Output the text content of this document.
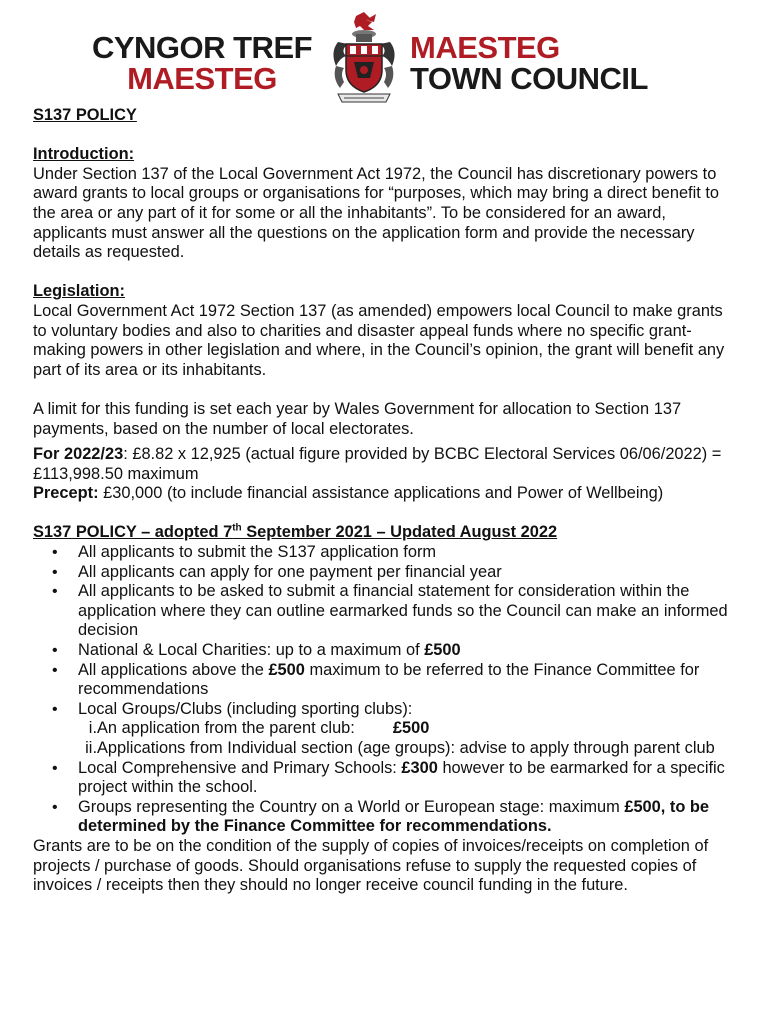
CYNGOR TREF
MAESTEG
MAESTEG
TOWN COUNCIL

S137 POLICY

Introduction:

Under Section 137 of the Local Government Act 1972, the Council has discretionary powers to award grants to local groups or organisations for “purposes, which may bring a direct benefit to the area or any part of it for some or all the inhabitants”. To be considered for an award, applicants must answer all the questions on the application form and provide the necessary details as requested.

Legislation:

Local Government Act 1972 Section 137 (as amended) empowers local Council to make grants to voluntary bodies and also to charities and disaster appeal funds where no specific grant-making powers in other legislation and where, in the Council’s opinion, the grant will benefit any part of its area or its inhabitants.

A limit for this funding is set each year by Wales Government for allocation to Section 137 payments, based on the number of local electorates.

For 2022/23: £8.82 x 12,925 (actual figure provided by BCBC Electoral Services 06/06/2022) = £113,998.50 maximum

Precept: £30,000 (to include financial assistance applications and Power of Wellbeing)

S137 POLICY – adopted 7th September 2021 – Updated August 2022

• All applicants to submit the S137 application form
• All applicants can apply for one payment per financial year
• All applicants to be asked to submit a financial statement for consideration within the application where they can outline earmarked funds so the Council can make an informed decision
• National & Local Charities: up to a maximum of £500
• All applications above the £500 maximum to be referred to the Finance Committee for recommendations
• Local Groups/Clubs (including sporting clubs):
i. An application from the parent club: £500
ii. Applications from Individual section (age groups): advise to apply through parent club
• Local Comprehensive and Primary Schools: £300 however to be earmarked for a specific project within the school.
• Groups representing the Country on a World or European stage: maximum £500, to be determined by the Finance Committee for recommendations.

Grants are to be on the condition of the supply of copies of invoices/receipts on completion of projects / purchase of goods. Should organisations refuse to supply the requested copies of invoices / receipts then they should no longer receive council funding in the future.
